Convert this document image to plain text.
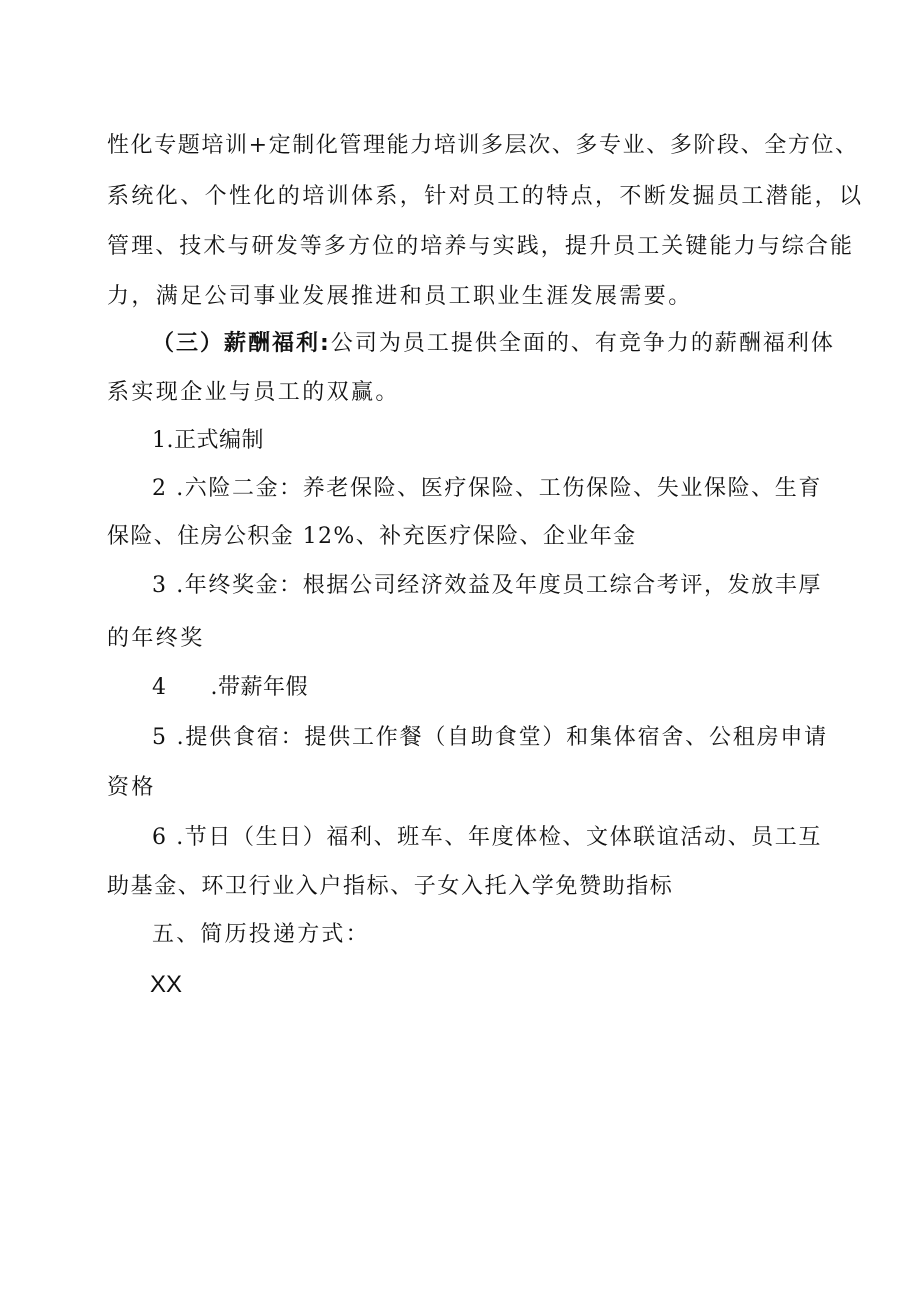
性化专题培训+定制化管理能力培训多层次、多专业、多阶段、全方位、
系统化、个性化的培训体系，针对员工的特点，不断发掘员工潜能，以
管理、技术与研发等多方位的培养与实践，提升员工关键能力与综合能
力，满足公司事业发展推进和员工职业生涯发展需要。
（三）薪酬福利:公司为员工提供全面的、有竞争力的薪酬福利体
系实现企业与员工的双赢。
1.正式编制
2 .六险二金：养老保险、医疗保险、工伤保险、失业保险、生育
保险、住房公积金 12%、补充医疗保险、企业年金
3 .年终奖金：根据公司经济效益及年度员工综合考评，发放丰厚
的年终奖
4 .带薪年假
5 .提供食宿：提供工作餐（自助食堂）和集体宿舍、公租房申请
资格
6 .节日（生日）福利、班车、年度体检、文体联谊活动、员工互
助基金、环卫行业入户指标、子女入托入学免赞助指标
五、简历投递方式：
XX
